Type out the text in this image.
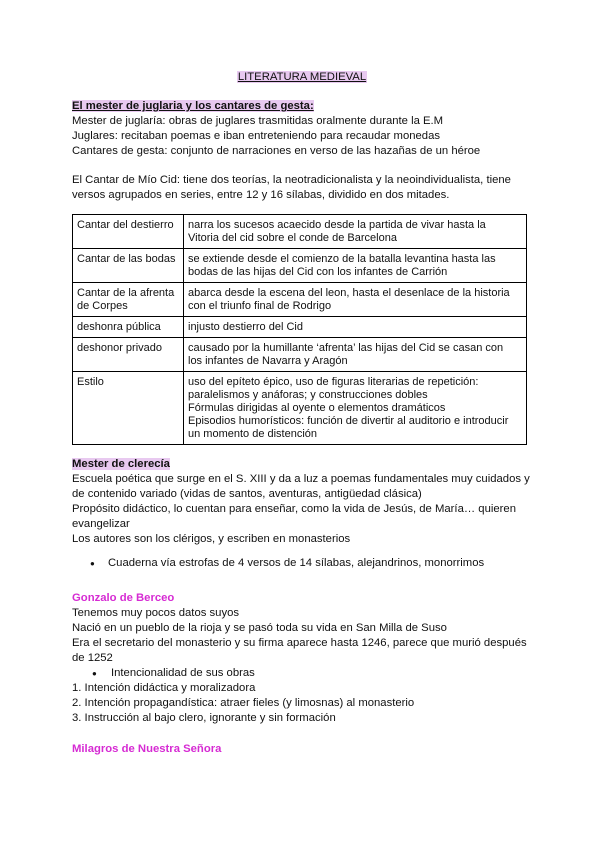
LITERATURA MEDIEVAL

El mester de juglaria y los cantares de gesta:

Mester de juglaría: obras de juglares trasmitidas oralmente durante la E.M

Juglares: recitaban poemas e iban entreteniendo para recaudar monedas

Cantares de gesta: conjunto de narraciones en verso de las hazañas de un héroe

El Cantar de Mío Cid: tiene dos teorías, la neotradicionalista y la neoindividualista, tiene versos agrupados en series, entre 12 y 16 sílabas, dividido en dos mitades.

Cantar del destierro	narra los sucesos acaecido desde la partida de vivar hasta la
Vitoria del cid sobre el conde de Barcelona

Cantar de las bodas	se extiende desde el comienzo de la batalla levantina hasta las
bodas de las hijas del Cid con los infantes de Carrión

Cantar de la afrenta de Corpes	abarca desde la escena del leon, hasta el desenlace de la historia
con el triunfo final de Rodrigo

deshonra pública	injusto destierro del Cid

deshonor privado	causado por la humillante ‘afrenta’ las hijas del Cid se casan con
los infantes de Navarra y Aragón

Estilo	uso del epíteto épico, uso de figuras literarias de repetición:
paralelismos y anáforas; y construcciones dobles
Fórmulas dirigidas al oyente o elementos dramáticos
Episodios humorísticos: función de divertir al auditorio e introducir
un momento de distención

Mester de clerecía

Escuela poética que surge en el S. XIII y da a luz a poemas fundamentales muy cuidados y

de contenido variado (vidas de santos, aventuras, antigüedad clásica)

Propósito didáctico, lo cuentan para enseñar, como la vida de Jesús, de María… quieren

evangelizar

Los autores son los clérigos, y escriben en monasterios

● Cuaderna vía estrofas de 4 versos de 14 sílabas, alejandrinos, monorrimos

Gonzalo de Berceo

Tenemos muy pocos datos suyos

Nació en un pueblo de la rioja y se pasó toda su vida en San Milla de Suso

Era el secretario del monasterio y su firma aparece hasta 1246, parece que murió después

de 1252

● Intencionalidad de sus obras

1. Intención didáctica y moralizadora

2. Intención propagandística: atraer fieles (y limosnas) al monasterio

3. Instrucción al bajo clero, ignorante y sin formación

Milagros de Nuestra Señora
